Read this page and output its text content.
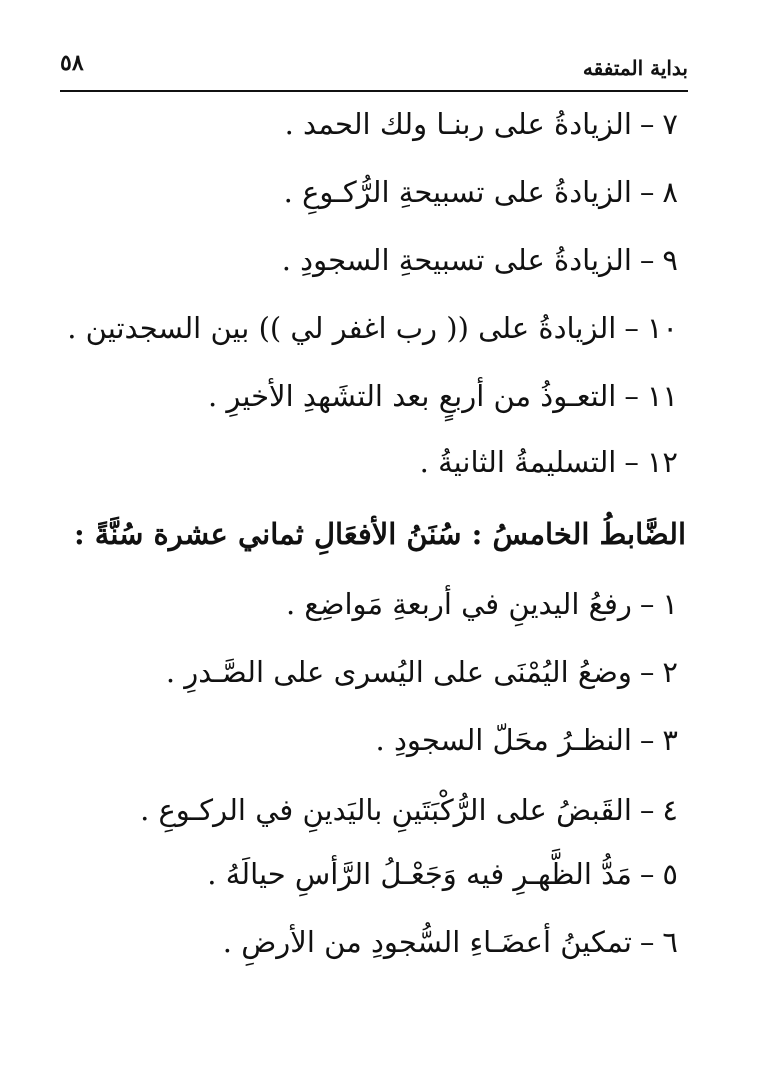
٥٨	بداية المتفقه
٧–الزيادةُ على ربنـا ولك الحمد .
٨–الزيادةُ على تسبيحةِ الرُّكـوعِ .
٩–الزيادةُ على تسبيحةِ السجودِ .
١٠–الزيادةُ على (( رب اغفر لي )) بين السجدتين .
١١–التعـوذُ من أربعٍ بعد التشَهدِ الأخيرِ .
١٢–التسليمةُ الثانيةُ .
الضَّابطُ الخامسُ : سُنَنُ الأفعَالِ ثماني عشرة سُنَّةً :
١–رفعُ اليدينِ في أربعةِ مَواضِع .
٢–وضعُ اليُمْنَى على اليُسرى على الصَّـدرِ .
٣–النظـرُ محَلّ السجودِ .
٤–القَبضُ على الرُّكْبَتَينِ باليَدينِ في الركـوعِ .
٥–مَدُّ الظَّهـرِ فيه وَجَعْـلُ الرَّأسِ حيالَهُ .
٦–تمكينُ أعضَـاءِ السُّجودِ من الأرضِ .
